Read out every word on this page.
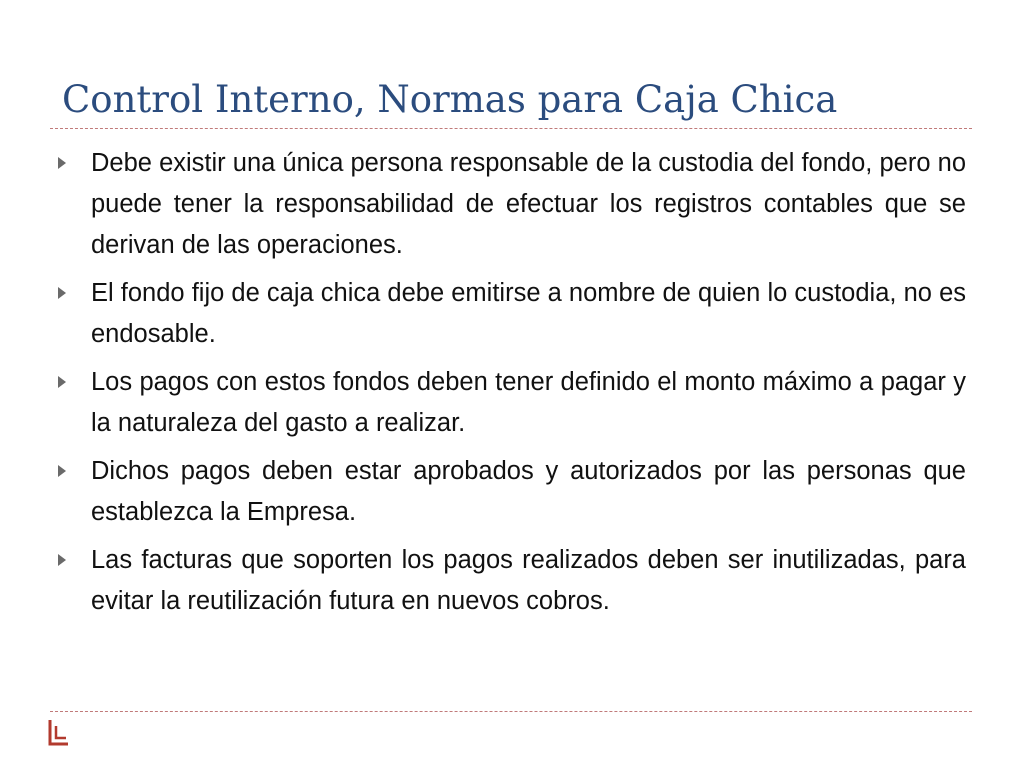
Control Interno, Normas para Caja Chica
Debe existir una única persona responsable de la custodia del fondo, pero no puede tener la responsabilidad de efectuar los registros contables que se derivan de las operaciones.
El fondo fijo de caja chica debe emitirse a nombre de quien lo custodia, no es endosable.
Los pagos con estos fondos deben tener definido el monto máximo a pagar y la naturaleza del gasto a realizar.
Dichos pagos deben estar aprobados y autorizados por las personas que establezca la Empresa.
Las facturas que soporten los pagos realizados deben ser inutilizadas, para evitar la reutilización futura en nuevos cobros.
